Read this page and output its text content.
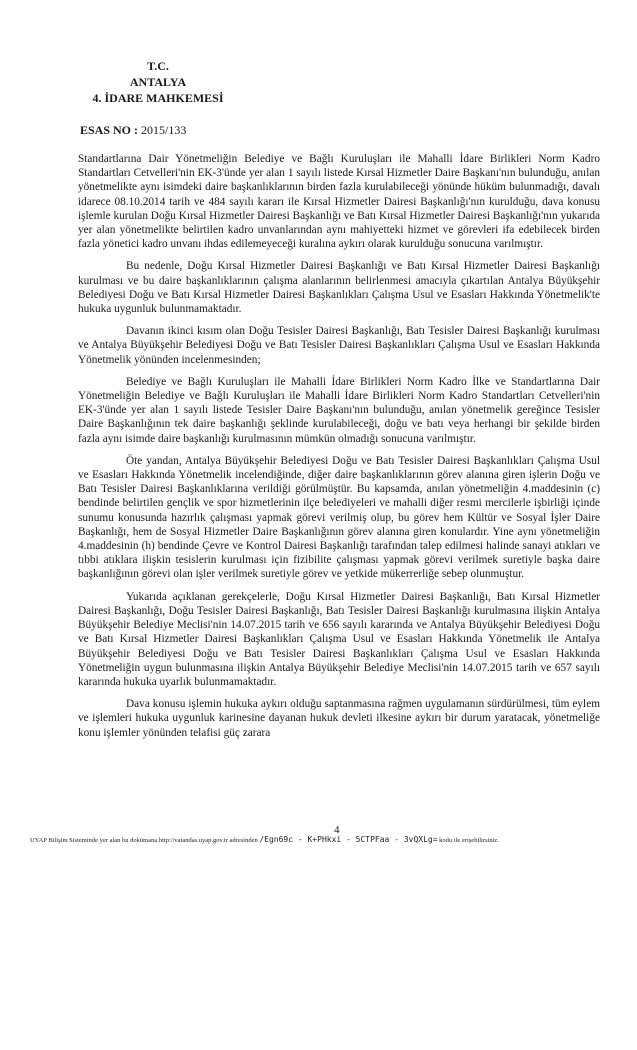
T.C.
ANTALYA
4. İDARE MAHKEMESİ
ESAS NO : 2015/133

Standartlarına Dair Yönetmeliğin Belediye ve Bağlı Kuruluşları ile Mahalli İdare Birlikleri Norm Kadro Standartları Cetvelleri'nin EK-3'ünde yer alan 1 sayılı listede Kırsal Hizmetler Daire Başkanı'nın bulunduğu, anılan yönetmelikte aynı isimdeki daire başkanlıklarının birden fazla kurulabileceği yönünde hüküm bulunmadığı, davalı idarece 08.10.2014 tarih ve 484 sayılı kararı ile Kırsal Hizmetler Dairesi Başkanlığı'nın kurulduğu, dava konusu işlemle kurulan Doğu Kırsal Hizmetler Dairesi Başkanlığı ve Batı Kırsal Hizmetler Dairesi Başkanlığı'nın yukarıda yer alan yönetmelikte belirtilen kadro unvanlarından aynı mahiyetteki hizmet ve görevleri ifa edebilecek birden fazla yönetici kadro unvanı ihdas edilemeyeceği kuralına aykırı olarak kurulduğu sonucuna varılmıştır.

Bu nedenle, Doğu Kırsal Hizmetler Dairesi Başkanlığı ve Batı Kırsal Hizmetler Dairesi Başkanlığı kurulması ve bu daire başkanlıklarının çalışma alanlarının belirlenmesi amacıyla çıkartılan Antalya Büyükşehir Belediyesi Doğu ve Batı Kırsal Hizmetler Dairesi Başkanlıkları Çalışma Usul ve Esasları Hakkında Yönetmelik'te hukuka uygunluk bulunmamaktadır.

Davanın ikinci kısım olan Doğu Tesisler Dairesi Başkanlığı, Batı Tesisler Dairesi Başkanlığı kurulması ve Antalya Büyükşehir Belediyesi Doğu ve Batı Tesisler Dairesi Başkanlıkları Çalışma Usul ve Esasları Hakkında Yönetmelik yönünden incelenmesinden;

Belediye ve Bağlı Kuruluşları ile Mahalli İdare Birlikleri Norm Kadro İlke ve Standartlarına Dair Yönetmeliğin Belediye ve Bağlı Kuruluşları ile Mahalli İdare Birlikleri Norm Kadro Standartları Cetvelleri'nin EK-3'ünde yer alan 1 sayılı listede Tesisler Daire Başkanı'nın bulunduğu, anılan yönetmelik gereğince Tesisler Daire Başkanlığının tek daire başkanlığı şeklinde kurulabileceği, doğu ve batı veya herhangi bir şekilde birden fazla aynı isimde daire başkanlığı kurulmasının mümkün olmadığı sonucuna varılmıştır.

Öte yandan, Antalya Büyükşehir Belediyesi Doğu ve Batı Tesisler Dairesi Başkanlıkları Çalışma Usul ve Esasları Hakkında Yönetmelik incelendiğinde, diğer daire başkanlıklarının görev alanına giren işlerin Doğu ve Batı Tesisler Dairesi Başkanlıklarına verildiği görülmüştür. Bu kapsamda, anılan yönetmeliğin 4.maddesinin (c) bendinde belirtilen gençlik ve spor hizmetlerinin ilçe belediyeleri ve mahalli diğer resmi mercilerle işbirliği içinde sunumu konusunda hazırlık çalışması yapmak görevi verilmiş olup, bu görev hem Kültür ve Sosyal İşler Daire Başkanlığı, hem de Sosyal Hizmetler Daire Başkanlığının görev alanına giren konulardır. Yine aynı yönetmeliğin 4.maddesinin (h) bendinde Çevre ve Kontrol Dairesi Başkanlığı tarafından talep edilmesi halinde sanayi atıkları ve tıbbi atıklara ilişkin tesislerin kurulması için fizibilite çalışması yapmak görevi verilmek suretiyle başka daire başkanlığının görevi olan işler verilmek suretiyle görev ve yetkide mükerrerliğe sebep olunmuştur.

Yukarıda açıklanan gerekçelerle, Doğu Kırsal Hizmetler Dairesi Başkanlığı, Batı Kırsal Hizmetler Dairesi Başkanlığı, Doğu Tesisler Dairesi Başkanlığı, Batı Tesisler Dairesi Başkanlığı kurulmasına ilişkin Antalya Büyükşehir Belediye Meclisi'nin 14.07.2015 tarih ve 656 sayılı kararında ve Antalya Büyükşehir Belediyesi Doğu ve Batı Kırsal Hizmetler Dairesi Başkanlıkları Çalışma Usul ve Esasları Hakkında Yönetmelik ile Antalya Büyükşehir Belediyesi Doğu ve Batı Tesisler Dairesi Başkanlıkları Çalışma Usul ve Esasları Hakkında Yönetmeliğin uygun bulunmasına ilişkin Antalya Büyükşehir Belediye Meclisi'nin 14.07.2015 tarih ve 657 sayılı kararında hukuka uyarlık bulunmamaktadır.

Dava konusu işlemin hukuka aykırı olduğu saptanmasına rağmen uygulamanın sürdürülmesi, tüm eylem ve işlemleri hukuka uygunluk karinesine dayanan hukuk devleti ilkesine aykırı bir durum yaratacak, yönetmeliğe konu işlemler yönünden telafisi güç zarara

4
UYAP Bilişim Sisteminde yer alan bu dokümana http://vatandas.uyap.gov.tr adresinden /Egn69c - K+PHkxi - 5CTPFaa - 3vQXLg= kodu ile erişebilirsiniz.
